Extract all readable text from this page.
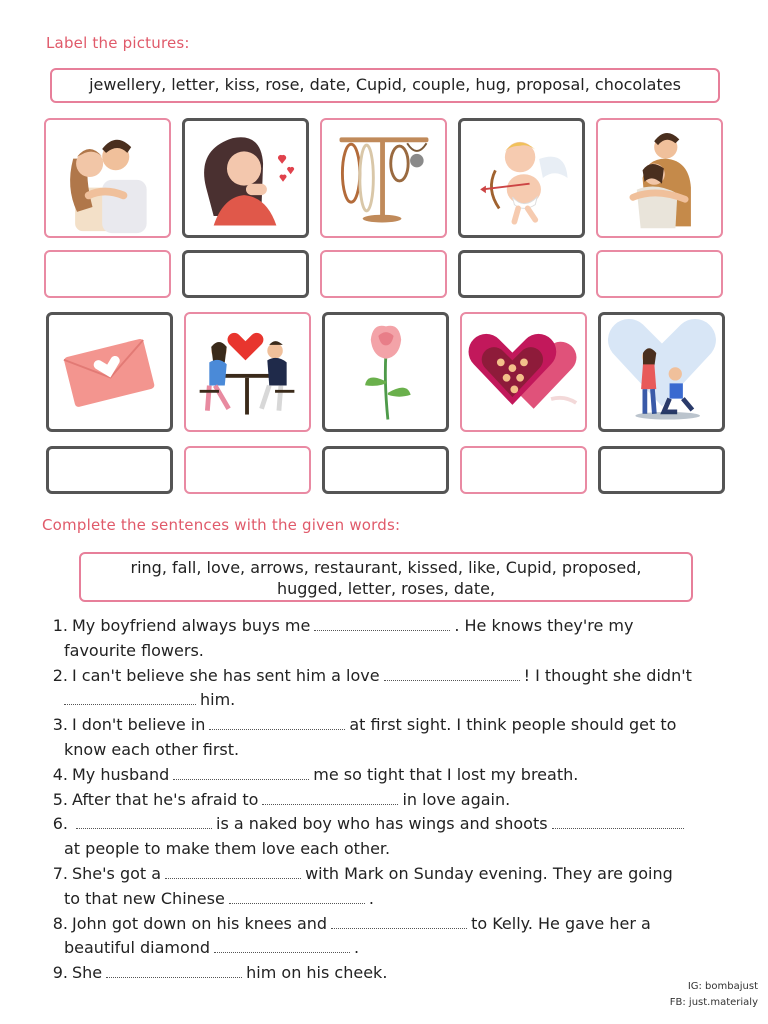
Label the pictures:
jewellery, letter, kiss, rose, date, Cupid, couple, hug, proposal, chocolates
Complete the sentences with the given words:
ring, fall, love, arrows, restaurant, kissed, like, Cupid, proposed,
hugged, letter, roses, date,

1. My boyfriend always buys me	. He knows they're my
favourite flowers.

2. I can't believe she has sent him a love	! I thought she didn't
him.

3. I don't believe in	at first sight. I think people should get to
know each other first.

4. My husband	me so tight that I lost my breath.

5. After that he's afraid to	in love again.

6.	is a naked boy who has wings and shoots
at people to make them love each other.

7. She's got a	with Mark on Sunday evening. They are going
to that new Chinese	.

8. John got down on his knees and	to Kelly. He gave her a
beautiful diamond	.

9. She	him on his cheek.

IG: bombajust
FB: just.materialy
